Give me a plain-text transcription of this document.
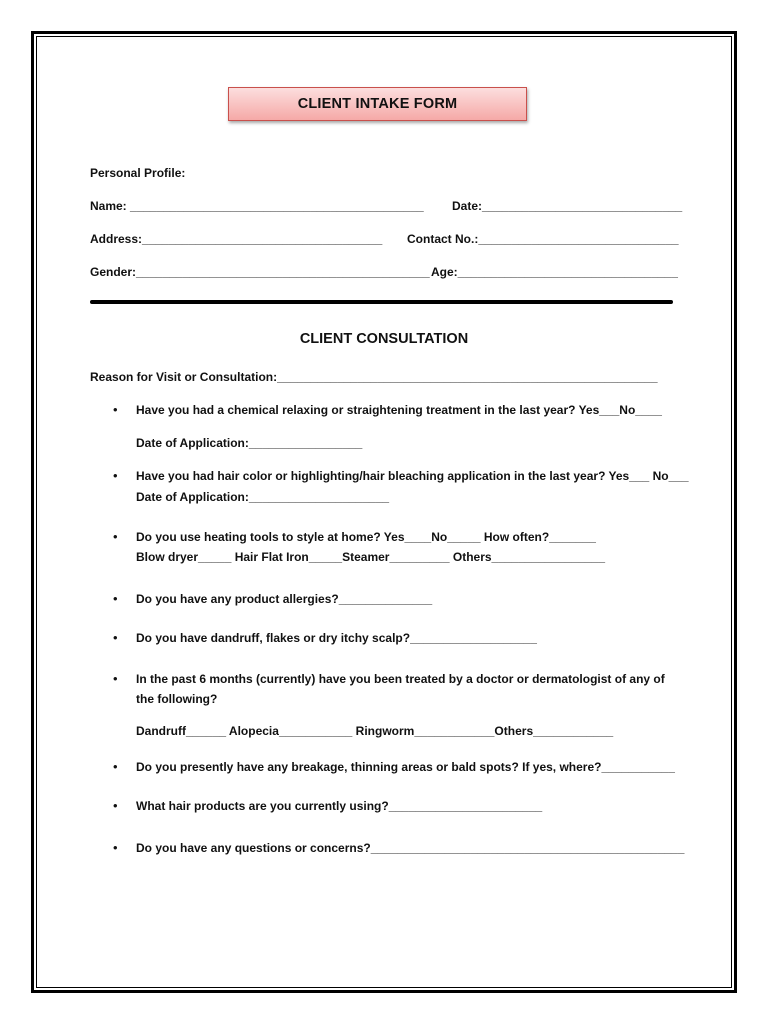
CLIENT INTAKE FORM
Personal Profile:
Name: ____________________________________________ Date:______________________________
Address:____________________________________ Contact No.:______________________________
Gender:____________________________________________ Age:_________________________________
CLIENT CONSULTATION
Reason for Visit or Consultation:_________________________________________________________
• Have you had a chemical relaxing or straightening treatment in the last year? Yes___No____
Date of Application:_________________
• Have you had hair color or highlighting/hair bleaching application in the last year? Yes___ No___
Date of Application:_____________________
• Do you use heating tools to style at home? Yes____No_____ How often?_______
Blow dryer_____ Hair Flat Iron_____Steamer_________ Others_________________
• Do you have any product allergies?______________
• Do you have dandruff, flakes or dry itchy scalp?___________________
• In the past 6 months (currently) have you been treated by a doctor or dermatologist of any of
the following?
Dandruff______ Alopecia___________ Ringworm____________Others____________
• Do you presently have any breakage, thinning areas or bald spots? If yes, where?___________
• What hair products are you currently using?_______________________
• Do you have any questions or concerns?_______________________________________________
